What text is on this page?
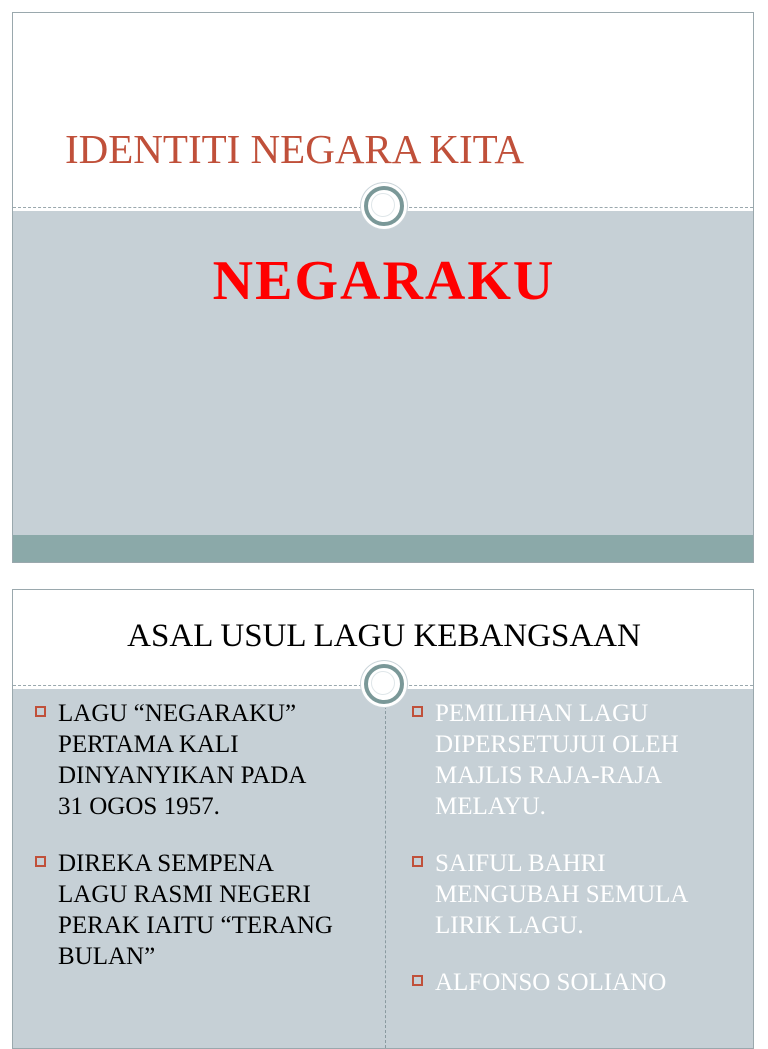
IDENTITI NEGARA KITA
NEGARAKU
ASAL USUL LAGU KEBANGSAAN
LAGU “NEGARAKU”
PERTAMA KALI
DINYANYIKAN PADA
31 OGOS 1957.
DIREKA SEMPENA
LAGU RASMI NEGERI
PERAK IAITU “TERANG
BULAN”
PEMILIHAN LAGU
DIPERSETUJUI OLEH
MAJLIS RAJA-RAJA
MELAYU.
SAIFUL BAHRI
MENGUBAH SEMULA
LIRIK LAGU.
ALFONSO SOLIANO
